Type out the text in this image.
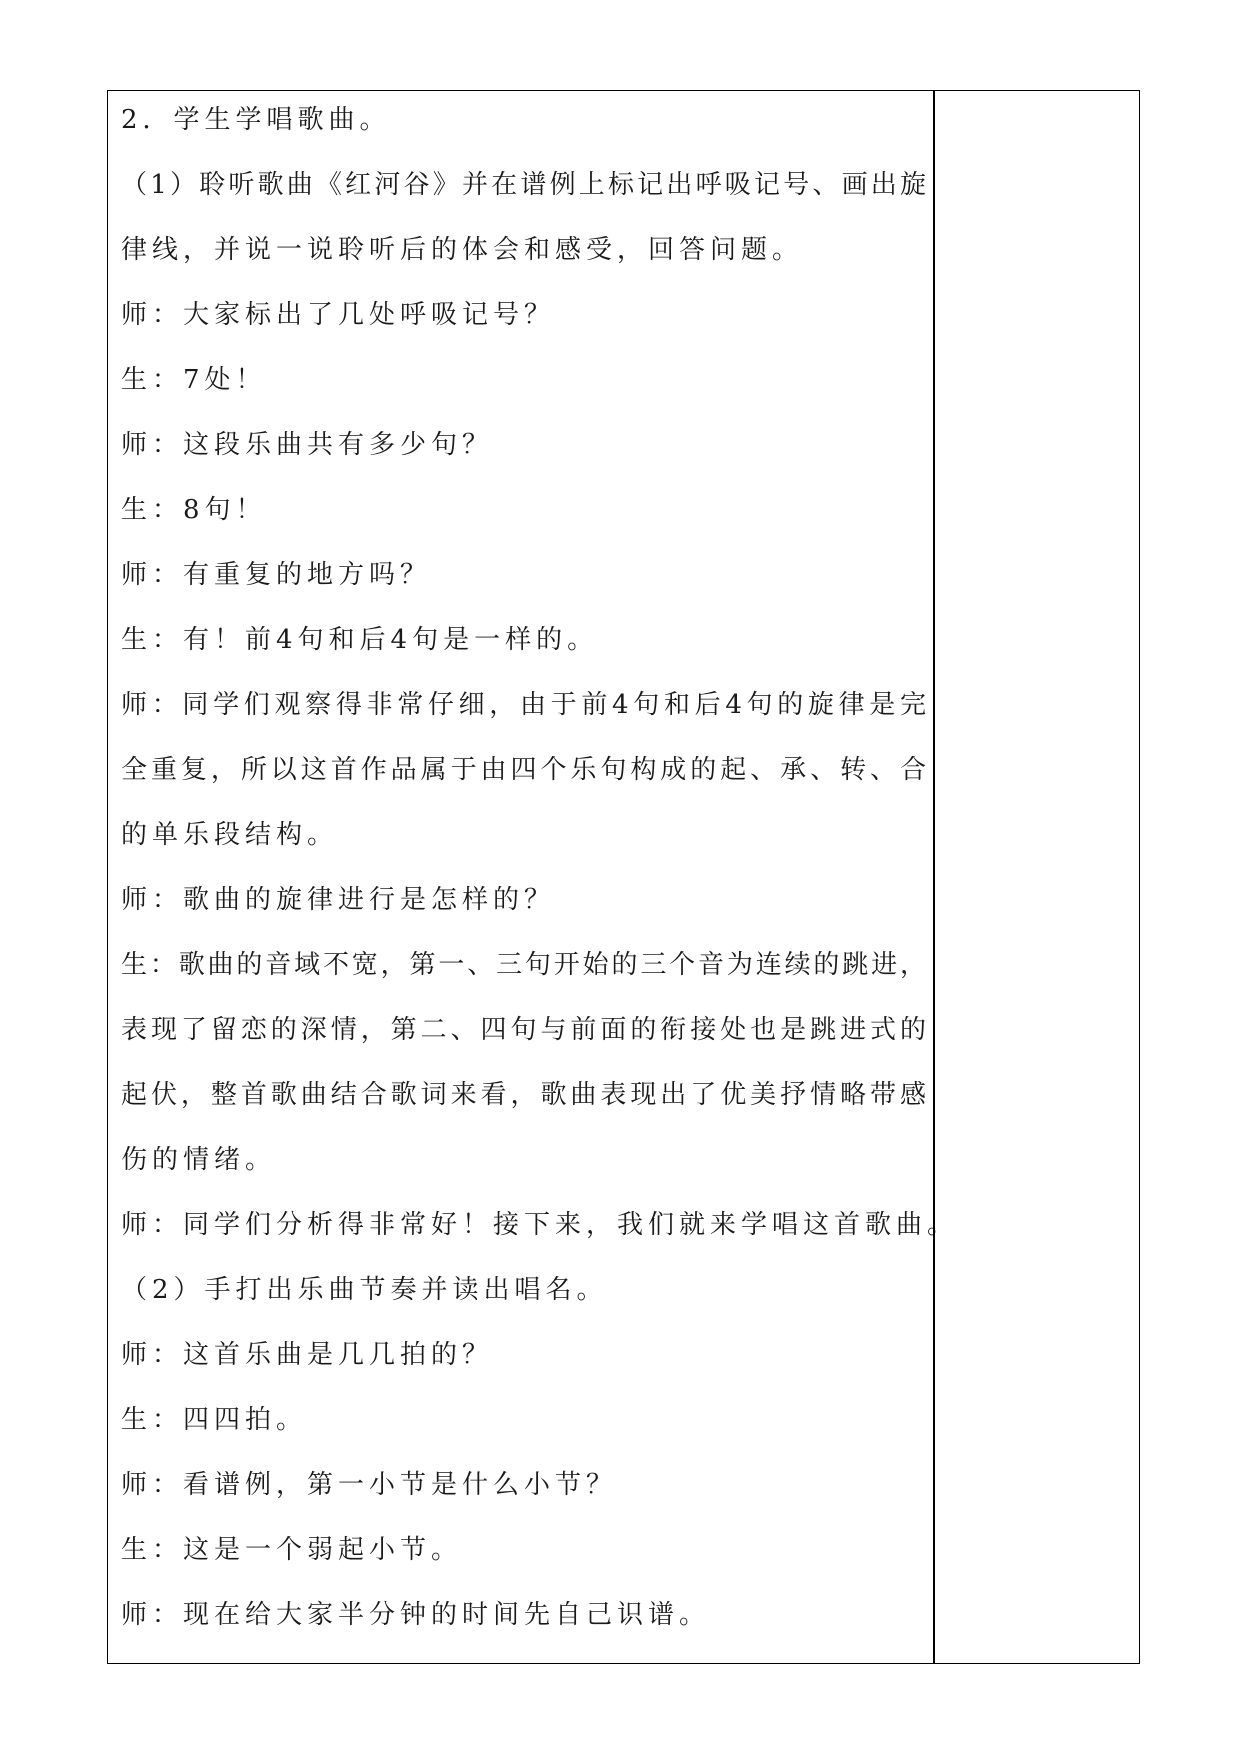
2．学生学唱歌曲。
（1）聆听歌曲《红河谷》并在谱例上标记出呼吸记号、画出旋
律线，并说一说聆听后的体会和感受，回答问题。
师：大家标出了几处呼吸记号？
生：7处！
师：这段乐曲共有多少句？
生：8句！
师：有重复的地方吗？
生：有！前4句和后4句是一样的。
师：同学们观察得非常仔细，由于前4句和后4句的旋律是完
全重复，所以这首作品属于由四个乐句构成的起、承、转、合
的单乐段结构。
师：歌曲的旋律进行是怎样的？
生：歌曲的音域不宽，第一、三句开始的三个音为连续的跳进，
表现了留恋的深情，第二、四句与前面的衔接处也是跳进式的
起伏，整首歌曲结合歌词来看，歌曲表现出了优美抒情略带感
伤的情绪。
师：同学们分析得非常好！接下来，我们就来学唱这首歌曲。
（2）手打出乐曲节奏并读出唱名。
师：这首乐曲是几几拍的？
生：四四拍。
师：看谱例，第一小节是什么小节？
生：这是一个弱起小节。
师：现在给大家半分钟的时间先自己识谱。
